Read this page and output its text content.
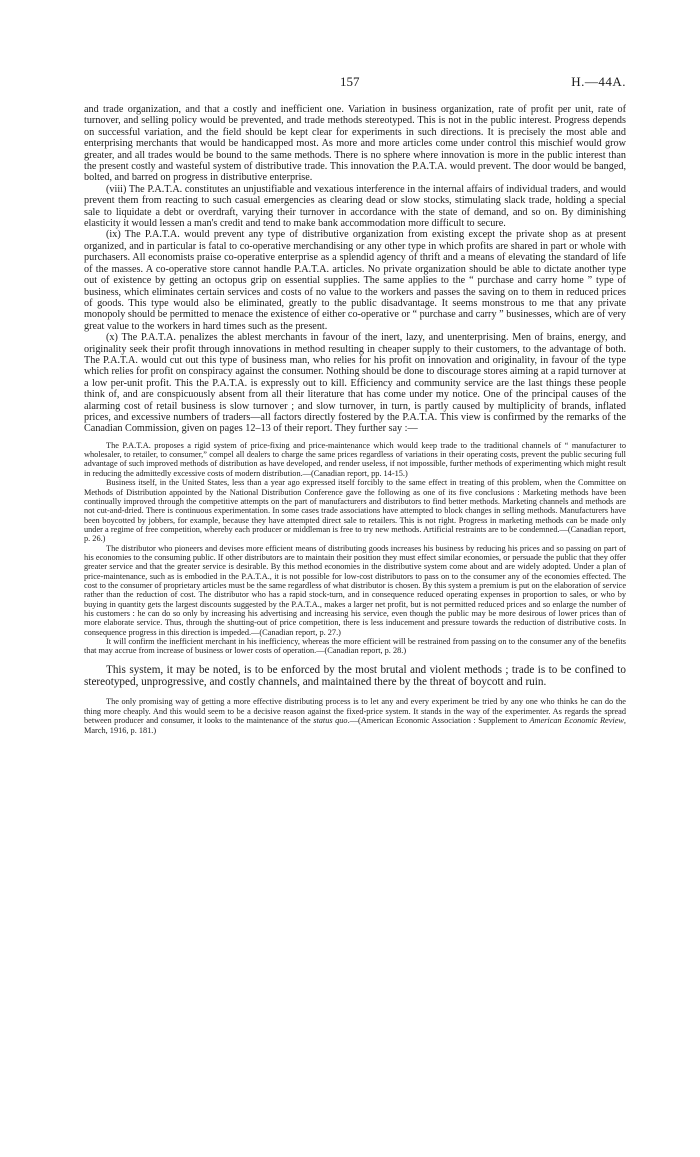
157	H.—44A.

and trade organization, and that a costly and inefficient one. Variation in business organization, rate of profit per unit, rate of turnover, and selling policy would be prevented, and trade methods stereotyped. This is not in the public interest. Progress depends on successful variation, and the field should be kept clear for experiments in such directions. It is precisely the most able and enterprising merchants that would be handicapped most. As more and more articles come under control this mischief would grow greater, and all trades would be bound to the same methods. There is no sphere where innovation is more in the public interest than the present costly and wasteful system of distributive trade. This innovation the P.A.T.A. would prevent. The door would be banged, bolted, and barred on progress in distributive enterprise.

(viii) The P.A.T.A. constitutes an unjustifiable and vexatious interference in the internal affairs of individual traders, and would prevent them from reacting to such casual emergencies as clearing dead or slow stocks, stimulating slack trade, holding a special sale to liquidate a debt or overdraft, varying their turnover in accordance with the state of demand, and so on. By diminishing elasticity it would lessen a man's credit and tend to make bank accommodation more difficult to secure.

(ix) The P.A.T.A. would prevent any type of distributive organization from existing except the private shop as at present organized, and in particular is fatal to co-operative merchandising or any other type in which profits are shared in part or whole with purchasers. All economists praise co-operative enterprise as a splendid agency of thrift and a means of elevating the standard of life of the masses. A co-operative store cannot handle P.A.T.A. articles. No private organization should be able to dictate another type out of existence by getting an octopus grip on essential supplies. The same applies to the “ purchase and carry home ” type of business, which eliminates certain services and costs of no value to the workers and passes the saving on to them in reduced prices of goods. This type would also be eliminated, greatly to the public disadvantage. It seems monstrous to me that any private monopoly should be permitted to menace the existence of either co-operative or “ purchase and carry ” businesses, which are of very great value to the workers in hard times such as the present.

(x) The P.A.T.A. penalizes the ablest merchants in favour of the inert, lazy, and unenterprising. Men of brains, energy, and originality seek their profit through innovations in method resulting in cheaper supply to their customers, to the advantage of both. The P.A.T.A. would cut out this type of business man, who relies for his profit on innovation and originality, in favour of the type which relies for profit on conspiracy against the consumer. Nothing should be done to discourage stores aiming at a rapid turnover at a low per-unit profit. This the P.A.T.A. is expressly out to kill. Efficiency and community service are the last things these people think of, and are conspicuously absent from all their literature that has come under my notice. One of the principal causes of the alarming cost of retail business is slow turnover ; and slow turnover, in turn, is partly caused by multiplicity of brands, inflated prices, and excessive numbers of traders—all factors directly fostered by the P.A.T.A. This view is confirmed by the remarks of the Canadian Commission, given on pages 12–13 of their report. They further say :—

The P.A.T.A. proposes a rigid system of price-fixing and price-maintenance which would keep trade to the traditional channels of “ manufacturer to wholesaler, to retailer, to consumer,” compel all dealers to charge the same prices regardless of variations in their operating costs, prevent the public securing full advantage of such improved methods of distribution as have developed, and render useless, if not impossible, further methods of experimenting which might result in reducing the admittedly excessive costs of modern distribution.—(Canadian report, pp. 14-15.)

Business itself, in the United States, less than a year ago expressed itself forcibly to the same effect in treating of this problem, when the Committee on Methods of Distribution appointed by the National Distribution Conference gave the following as one of its five conclusions : Marketing methods have been continually improved through the competitive attempts on the part of manufacturers and distributors to find better methods. Marketing channels and methods are not cut-and-dried. There is continuous experimentation. In some cases trade associations have attempted to block changes in selling methods. Manufacturers have been boycotted by jobbers, for example, because they have attempted direct sale to retailers. This is not right. Progress in marketing methods can be made only under a regime of free competition, whereby each producer or middleman is free to try new methods. Artificial restraints are to be condemned.—(Canadian report, p. 26.)

The distributor who pioneers and devises more efficient means of distributing goods increases his business by reducing his prices and so passing on part of his economies to the consuming public. If other distributors are to maintain their position they must effect similar economies, or persuade the public that they offer greater service and that the greater service is desirable. By this method economies in the distributive system come about and are widely adopted. Under a plan of price-maintenance, such as is embodied in the P.A.T.A., it is not possible for low-cost distributors to pass on to the consumer any of the economies effected. The cost to the consumer of proprietary articles must be the same regardless of what distributor is chosen. By this system a premium is put on the elaboration of service rather than the reduction of cost. The distributor who has a rapid stock-turn, and in consequence reduced operating expenses in proportion to sales, or who by buying in quantity gets the largest discounts suggested by the P.A.T.A., makes a larger net profit, but is not permitted reduced prices and so enlarge the number of his customers : he can do so only by increasing his advertising and increasing his service, even though the public may be more desirous of lower prices than of more elaborate service. Thus, through the shutting-out of price competition, there is less inducement and pressure towards the reduction of distributive costs. In consequence progress in this direction is impeded.—(Canadian report, p. 27.)

It will confirm the inefficient merchant in his inefficiency, whereas the more efficient will be restrained from passing on to the consumer any of the benefits that may accrue from increase of business or lower costs of operation.—(Canadian report, p. 28.)

This system, it may be noted, is to be enforced by the most brutal and violent methods ; trade is to be confined to stereotyped, unprogressive, and costly channels, and maintained there by the threat of boycott and ruin.

The only promising way of getting a more effective distributing process is to let any and every experiment be tried by any one who thinks he can do the thing more cheaply. And this would seem to be a decisive reason against the fixed-price system. It stands in the way of the experimenter. As regards the spread between producer and consumer, it looks to the maintenance of the status quo.—(American Economic Association : Supplement to American Economic Review, March, 1916, p. 181.)
